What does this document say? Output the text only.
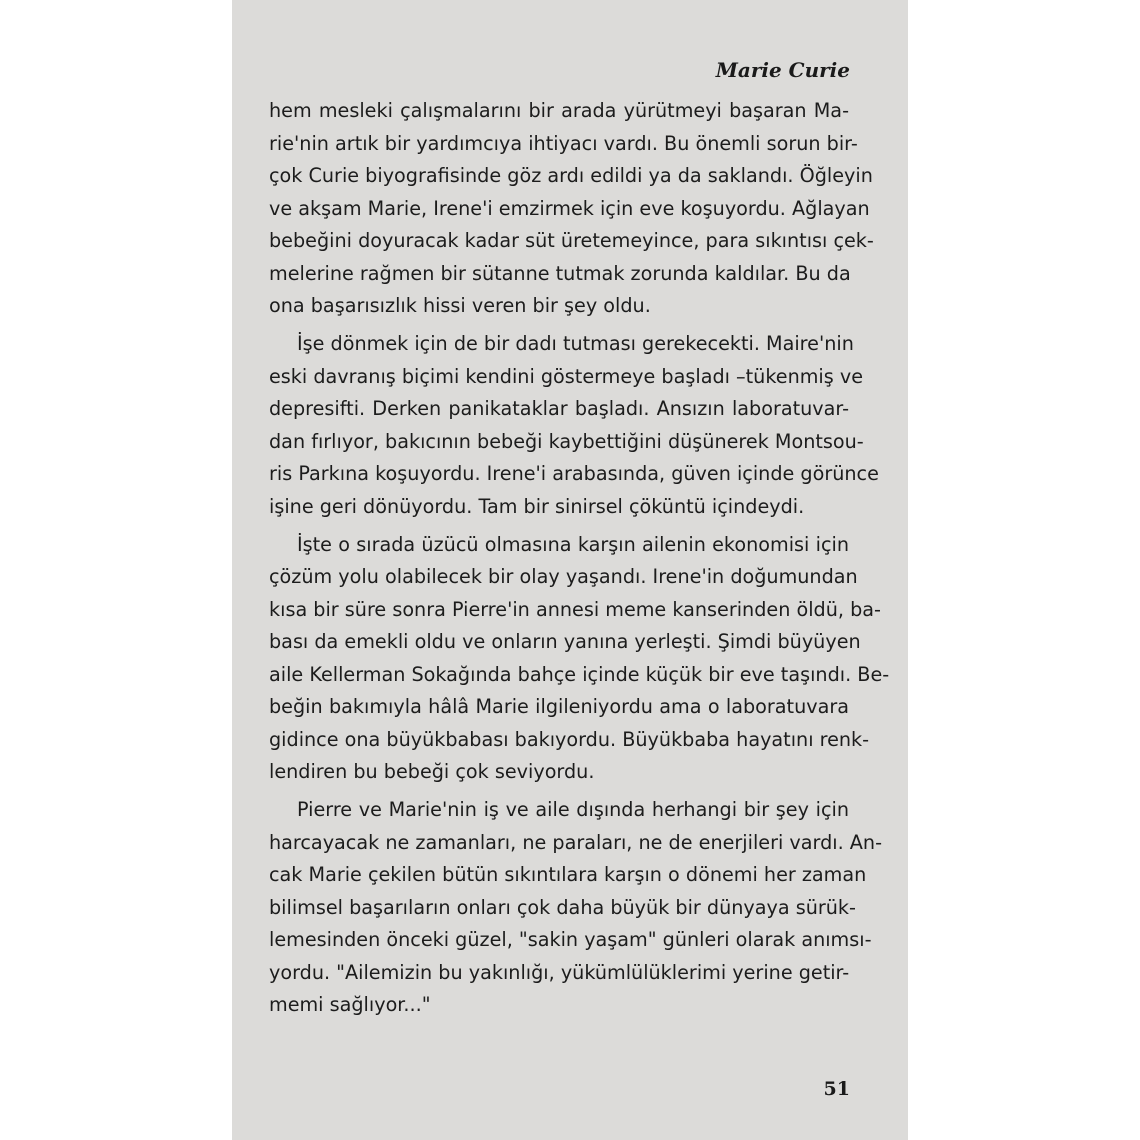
Marie Curie
hem mesleki çalışmalarını bir arada yürütmeyi başaran Ma-
rie'nin artık bir yardımcıya ihtiyacı vardı. Bu önemli sorun bir-
çok Curie biyografisinde göz ardı edildi ya da saklandı. Öğleyin
ve akşam Marie, Irene'i emzirmek için eve koşuyordu. Ağlayan
bebeğini doyuracak kadar süt üretemeyince, para sıkıntısı çek-
melerine rağmen bir sütanne tutmak zorunda kaldılar. Bu da
ona başarısızlık hissi veren bir şey oldu.
İşe dönmek için de bir dadı tutması gerekecekti. Maire'nin
eski davranış biçimi kendini göstermeye başladı –tükenmiş ve
depresifti. Derken panikataklar başladı. Ansızın laboratuvar-
dan fırlıyor, bakıcının bebeği kaybettiğini düşünerek Montsou-
ris Parkına koşuyordu. Irene'i arabasında, güven içinde görünce
işine geri dönüyordu. Tam bir sinirsel çöküntü içindeydi.
İşte o sırada üzücü olmasına karşın ailenin ekonomisi için
çözüm yolu olabilecek bir olay yaşandı. Irene'in doğumundan
kısa bir süre sonra Pierre'in annesi meme kanserinden öldü, ba-
bası da emekli oldu ve onların yanına yerleşti. Şimdi büyüyen
aile Kellerman Sokağında bahçe içinde küçük bir eve taşındı. Be-
beğin bakımıyla hâlâ Marie ilgileniyordu ama o laboratuvara
gidince ona büyükbabası bakıyordu. Büyükbaba hayatını renk-
lendiren bu bebeği çok seviyordu.
Pierre ve Marie'nin iş ve aile dışında herhangi bir şey için
harcayacak ne zamanları, ne paraları, ne de enerjileri vardı. An-
cak Marie çekilen bütün sıkıntılara karşın o dönemi her zaman
bilimsel başarıların onları çok daha büyük bir dünyaya sürük-
lemesinden önceki güzel, "sakin yaşam" günleri olarak anımsı-
yordu. "Ailemizin bu yakınlığı, yükümlülüklerimi yerine getir-
memi sağlıyor..."
51
